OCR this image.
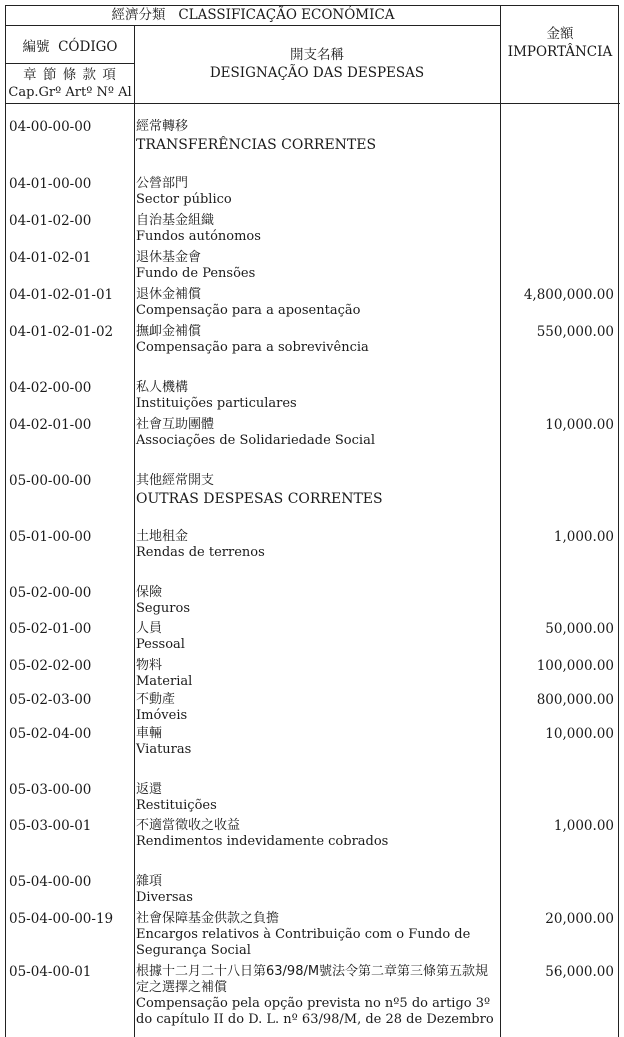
經濟分類 CLASSIFICAÇÃO ECONÓMICA
編號 CÓDIGO
章 節 條 款 項
Cap.Grº Artº Nº Al
開支名稱
DESIGNAÇÃO DAS DESPESAS
金額
IMPORTÂNCIA
04-00-00-00	經常轉移
TRANSFERÊNCIAS CORRENTES
04-01-00-00	公營部門
Sector público
04-01-02-00	自治基金組織
Fundos autónomos
04-01-02-01	退休基金會
Fundo de Pensões
04-01-02-01-01 退休金補償
Compensação para a aposentação
4,800,000.00
04-01-02-01-02 撫卹金補償
Compensação para a sobrevivência
550,000.00
04-02-00-00	私人機構
Instituições particulares
04-02-01-00	社會互助團體
Associações de Solidariedade Social
10,000.00
05-00-00-00	其他經常開支
OUTRAS DESPESAS CORRENTES
05-01-00-00	土地租金
Rendas de terrenos
1,000.00
05-02-00-00	保險
Seguros
05-02-01-00	人員
Pessoal
50,000.00
05-02-02-00	物料
Material
100,000.00
05-02-03-00	不動產
Imóveis
800,000.00
05-02-04-00	車輛
Viaturas
10,000.00
05-03-00-00	返還
Restituições
05-03-00-01	不適當徵收之收益
Rendimentos indevidamente cobrados
1,000.00
05-04-00-00	雜項
Diversas
05-04-00-00-19 社會保障基金供款之負擔
Encargos relativos à Contribuição com o Fundo de Segurança Social
20,000.00
05-04-00-01	根據十二月二十八日第63/98/M號法令第二章第三條第五款規定之選擇之補償
Compensação pela opção prevista no nº5 do artigo 3º do capítulo II do D. L. nº 63/98/M, de 28 de Dezembro
56,000.00
